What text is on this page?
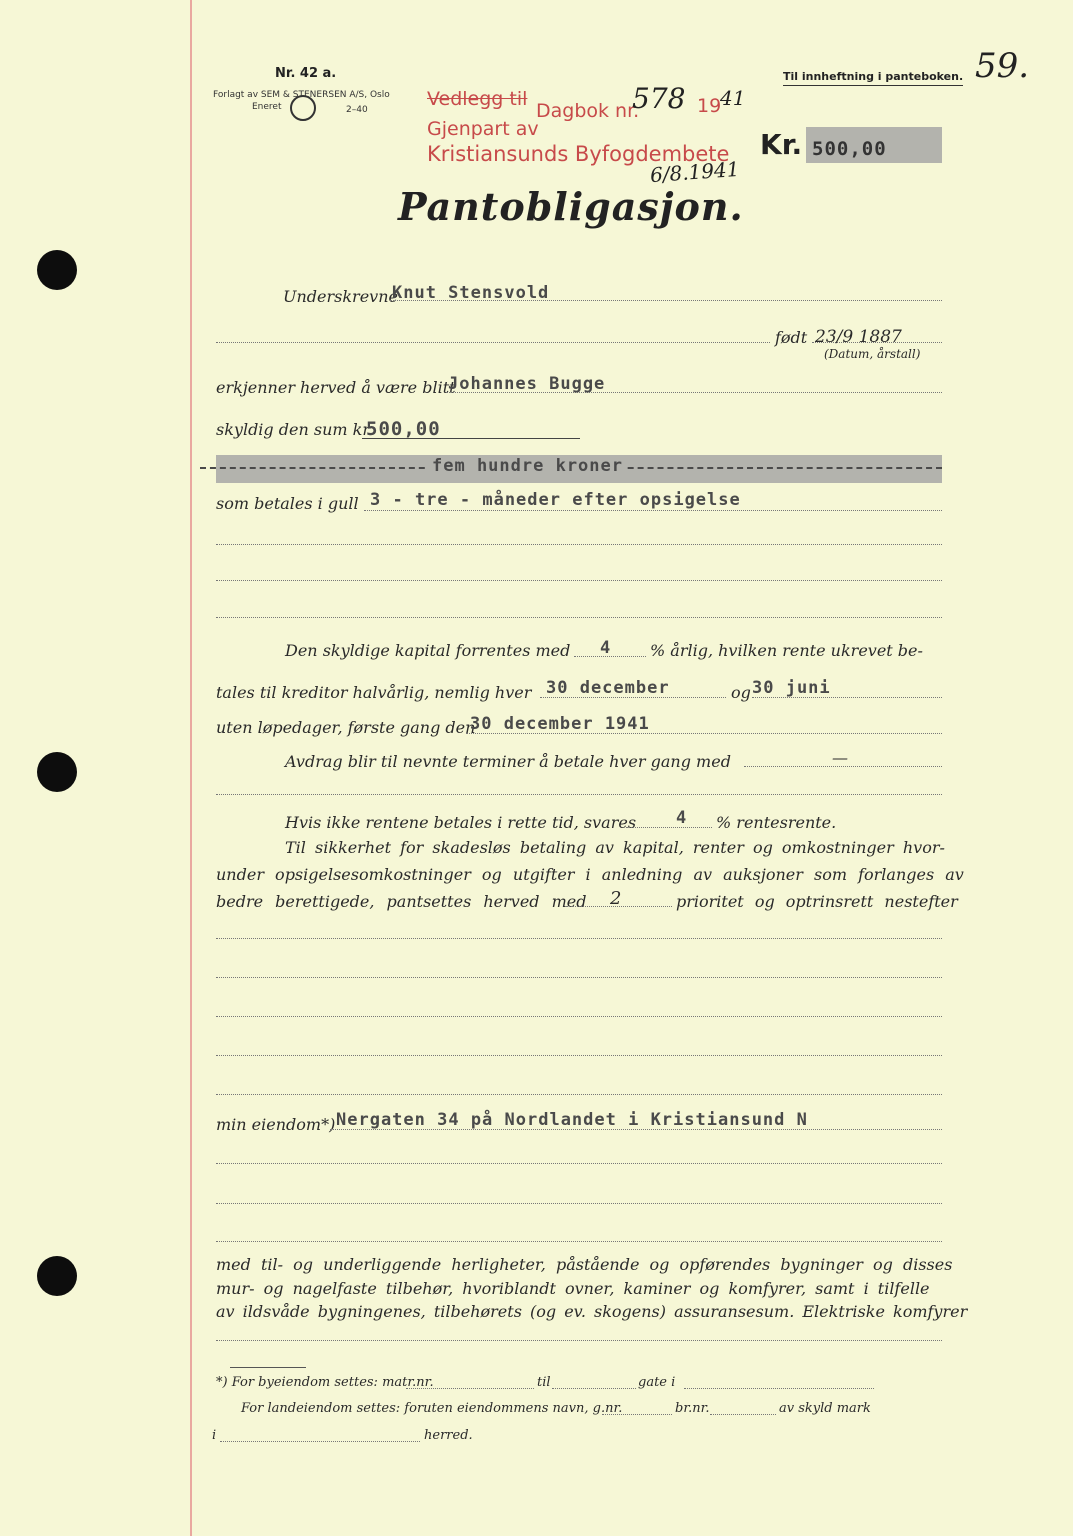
Nr. 42 a.
Forlagt av SEM & STENERSEN A/S, Oslo
Eneret	2–40	Vedlegg til
Dagbok nr.
578 19
41
Gjenpart av
Kristiansunds Byfogdembete
6/8.1941
Til innheftning i panteboken. 59.
Kr. 500,00
Pantobligasjon.
Underskrevne
Knut Stensvold
født 23/9 1887
(Datum, årstall)
erkjenner herved å være blitt
Johannes Bugge
skyldig den sum kr.
500,00
fem hundre kroner
som betales i gull 3 - tre - måneder efter opsigelse
Den skyldige kapital forrentes med 4 % årlig, hvilken rente ukrevet be-
tales til kreditor halvårlig, nemlig hver 30 december	og 30 juni
uten løpedager, første gang den
30 december 1941
Avdrag blir til nevnte terminer å betale hver gang med	—
Hvis ikke rentene betales i rette tid, svares 4 % rentesrente.
Til sikkerhet for skadesløs betaling av kapital, renter og omkostninger hvor-
under opsigelsesomkostninger og utgifter i anledning av auksjoner som forlanges av
bedre berettigede, pantsettes herved med 2	prioritet og optrinsrett nestefter
min eiendom*) Nergaten 34 på Nordlandet i Kristiansund N
med til- og underliggende herligheter, påstående og opførendes bygninger og disses
mur- og nagelfaste tilbehør, hvoriblandt ovner, kaminer og komfyrer, samt i tilfelle
av ildsvåde bygningenes, tilbehørets (og ev. skogens) assuransesum. Elektriske komfyrer
*) For byeiendom settes: matr.nr.	til	gate i
For landeiendom settes: foruten eiendommens navn, g.nr.	br.nr.	av skyld mark
i	herred.
